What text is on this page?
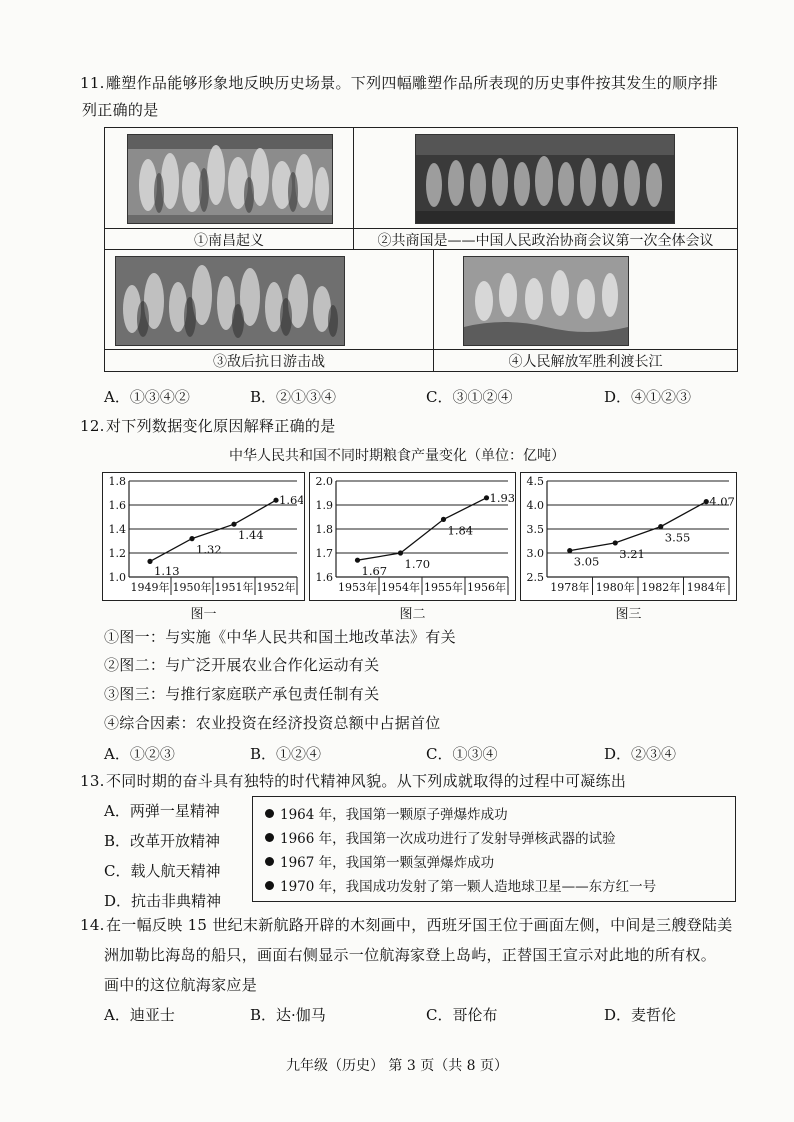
11. 雕塑作品能够形象地反映历史场景。下列四幅雕塑作品所表现的历史事件按其发生的顺序排
列正确的是
①南昌起义	②共商国是——中国人民政治协商会议第一次全体会议
③敌后抗日游击战	④人民解放军胜利渡长江
A．①③④②	B．②①③④	C．③①②④	D．④①②③
12. 对下列数据变化原因解释正确的是
中华人民共和国不同时期粮食产量变化（单位：亿吨）
1.0
1.2
1.4
1.6
1.8
1949年 1950年 1951年 1952年
1.13
1.32
1.44
1.64
1.6
1.7
1.8
1.9
2.0
1953年 1954年 1955年 1956年
1.67 1.70
1.84
1.93
2.5
3.0
3.5
4.0
4.5
1978年 1980年 1982年 1984年
3.05
3.21
3.55
4.07
图一	图二	图三
①图一：与实施《中华人民共和国土地改革法》有关
②图二：与广泛开展农业合作化运动有关
③图三：与推行家庭联产承包责任制有关
④综合因素：农业投资在经济投资总额中占据首位
A．①②③	B．①②④	C．①③④	D．②③④
13. 不同时期的奋斗具有独特的时代精神风貌。从下列成就取得的过程中可凝练出
A．两弹一星精神
B．改革开放精神
C．载人航天精神
D．抗击非典精神
1964 年，我国第一颗原子弹爆炸成功
1966 年，我国第一次成功进行了发射导弹核武器的试验
1967 年，我国第一颗氢弹爆炸成功
1970 年，我国成功发射了第一颗人造地球卫星——东方红一号
14. 在一幅反映 15 世纪末新航路开辟的木刻画中，西班牙国王位于画面左侧，中间是三艘登陆美
洲加勒比海岛的船只，画面右侧显示一位航海家登上岛屿，正替国王宣示对此地的所有权。
画中的这位航海家应是
A．迪亚士	B．达·伽马	C．哥伦布	D．麦哲伦
九年级（历史） 第 3 页（共 8 页）
